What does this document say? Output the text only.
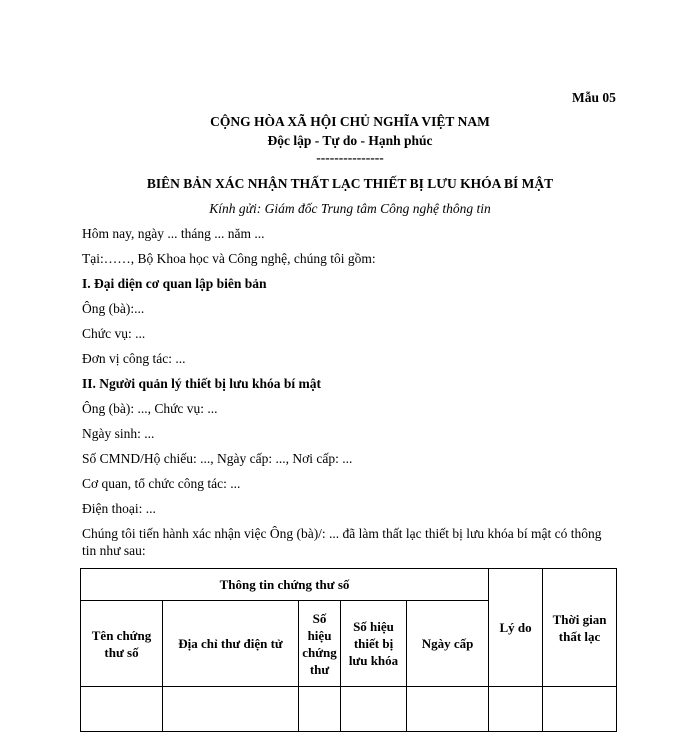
Mẫu 05
CỘNG HÒA XÃ HỘI CHỦ NGHĨA VIỆT NAM
Độc lập - Tự do - Hạnh phúc
---------------
BIÊN BẢN XÁC NHẬN THẤT LẠC THIẾT BỊ LƯU KHÓA BÍ MẬT
Kính gửi: Giám đốc Trung tâm Công nghệ thông tin
Hôm nay, ngày ... tháng ... năm ...
Tại:……, Bộ Khoa học và Công nghệ, chúng tôi gồm:
I. Đại diện cơ quan lập biên bản
Ông (bà):...
Chức vụ: ...
Đơn vị công tác: ...
II. Người quản lý thiết bị lưu khóa bí mật
Ông (bà): ..., Chức vụ: ...
Ngày sinh: ...
Số CMND/Hộ chiếu: ..., Ngày cấp: ..., Nơi cấp: ...
Cơ quan, tổ chức công tác: ...
Điện thoại: ...
Chúng tôi tiến hành xác nhận việc Ông (bà)/: ... đã làm thất lạc thiết bị lưu khóa bí mật có thông
tin như sau:
Thông tin chứng thư số					Lý do	Thời gian thất lạc
Tên chứng thư số	Địa chỉ thư điện tử	Số hiệu chứng thư	Số hiệu thiết bị lưu khóa	Ngày cấp		
